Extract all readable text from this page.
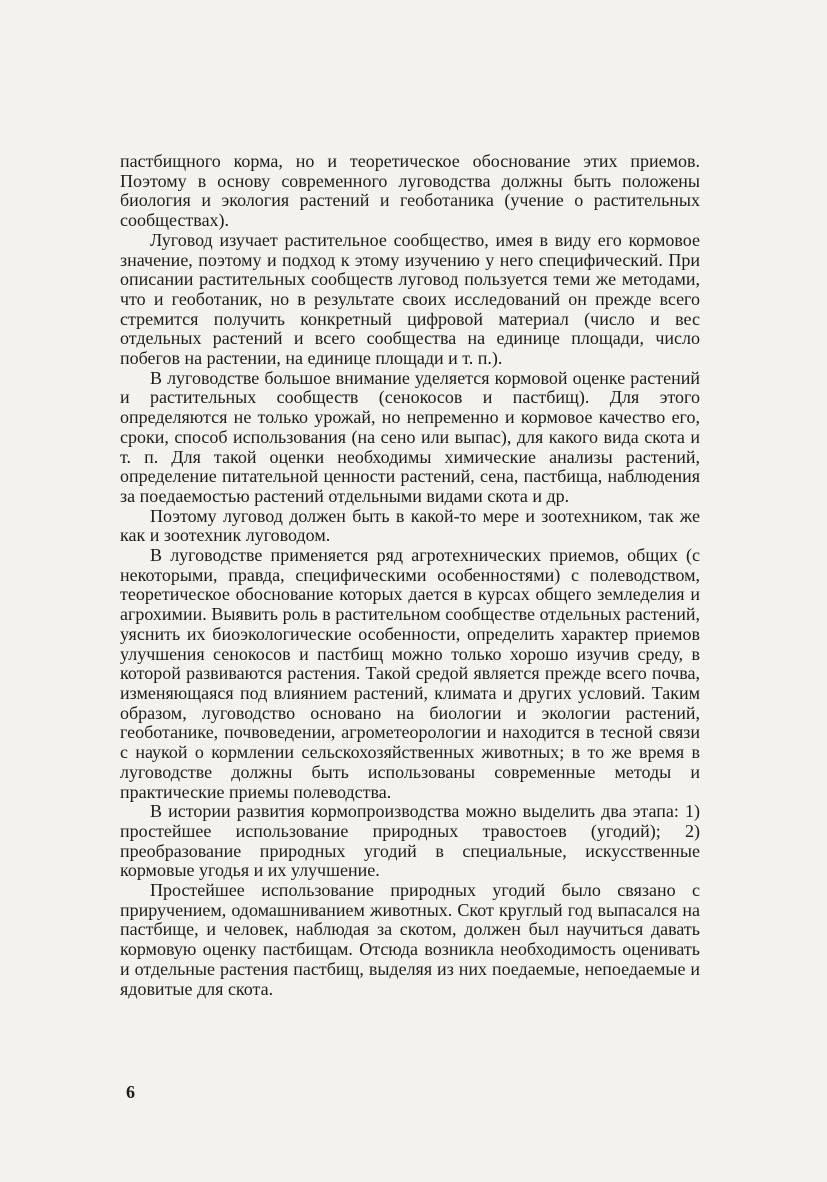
пастбищного корма, но и теоретическое обоснование этих приемов. Поэтому в основу современного луговодства должны быть положены биология и экология растений и геоботаника (учение о растительных сообществах).

Луговод изучает растительное сообщество, имея в виду его кормовое значение, поэтому и подход к этому изучению у него специфический. При описании растительных сообществ луговод пользуется теми же методами, что и геоботаник, но в результате своих исследований он прежде всего стремится получить конкретный цифровой материал (число и вес отдельных растений и всего сообщества на единице площади, число побегов на растении, на единице площади и т. п.).

В луговодстве большое внимание уделяется кормовой оценке растений и растительных сообществ (сенокосов и пастбищ). Для этого определяются не только урожай, но непременно и кормовое качество его, сроки, способ использования (на сено или выпас), для какого вида скота и т. п. Для такой оценки необходимы химические анализы растений, определение питательной ценности растений, сена, пастбища, наблюдения за поедаемостью растений отдельными видами скота и др.

Поэтому луговод должен быть в какой-то мере и зоотехником, так же как и зоотехник луговодом.

В луговодстве применяется ряд агротехнических приемов, общих (с некоторыми, правда, специфическими особенностями) с полеводством, теоретическое обоснование которых дается в курсах общего земледелия и агрохимии. Выявить роль в растительном сообществе отдельных растений, уяснить их биоэкологические особенности, определить характер приемов улучшения сенокосов и пастбищ можно только хорошо изучив среду, в которой развиваются растения. Такой средой является прежде всего почва, изменяющаяся под влиянием растений, климата и других условий. Таким образом, луговодство основано на биологии и экологии растений, геоботанике, почвоведении, агрометеорологии и находится в тесной связи с наукой о кормлении сельскохозяйственных животных; в то же время в луговодстве должны быть использованы современные методы и практические приемы полеводства.

В истории развития кормопроизводства можно выделить два этапа: 1) простейшее использование природных травостоев (угодий); 2) преобразование природных угодий в специальные, искусственные кормовые угодья и их улучшение.

Простейшее использование природных угодий было связано с приручением, одомашниванием животных. Скот круглый год выпасался на пастбище, и человек, наблюдая за скотом, должен был научиться давать кормовую оценку пастбищам. Отсюда возникла необходимость оценивать и отдельные растения пастбищ, выделяя из них поедаемые, непоедаемые и ядовитые для скота.

6
